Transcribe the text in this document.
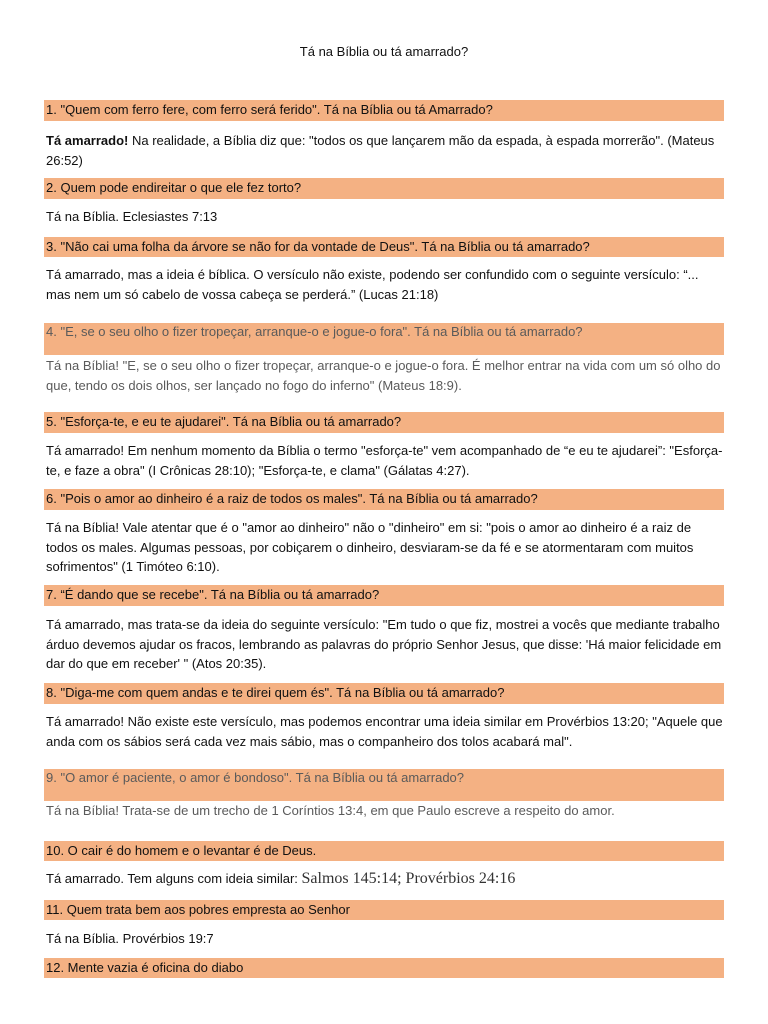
Tá na Bíblia ou tá amarrado?
1. "Quem com ferro fere, com ferro será ferido". Tá na Bíblia ou tá Amarrado?
Tá amarrado! Na realidade, a Bíblia diz que: "todos os que lançarem mão da espada, à espada morrerão". (Mateus 26:52)
2. Quem pode endireitar o que ele fez torto?
Tá na Bíblia. Eclesiastes 7:13
3. "Não cai uma folha da árvore se não for da vontade de Deus". Tá na Bíblia ou tá amarrado?
Tá amarrado, mas a ideia é bíblica. O versículo não existe, podendo ser confundido com o seguinte versículo: “... mas nem um só cabelo de vossa cabeça se perderá.” (Lucas 21:18)
4. "E, se o seu olho o fizer tropeçar, arranque-o e jogue-o fora". Tá na Bíblia ou tá amarrado?
Tá na Bíblia! "E, se o seu olho o fizer tropeçar, arranque-o e jogue-o fora. É melhor entrar na vida com um só olho do que, tendo os dois olhos, ser lançado no fogo do inferno" (Mateus 18:9).
5. "Esforça-te, e eu te ajudarei". Tá na Bíblia ou tá amarrado?
Tá amarrado! Em nenhum momento da Bíblia o termo "esforça-te" vem acompanhado de “e eu te ajudarei”: "Esforça-te, e faze a obra" (I Crônicas 28:10); "Esforça-te, e clama" (Gálatas 4:27).
6. "Pois o amor ao dinheiro é a raiz de todos os males". Tá na Bíblia ou tá amarrado?
Tá na Bíblia! Vale atentar que é o "amor ao dinheiro" não o "dinheiro" em si: "pois o amor ao dinheiro é a raiz de todos os males. Algumas pessoas, por cobiçarem o dinheiro, desviaram-se da fé e se atormentaram com muitos sofrimentos" (1 Timóteo 6:10).
7. “É dando que se recebe". Tá na Bíblia ou tá amarrado?
Tá amarrado, mas trata-se da ideia do seguinte versículo: "Em tudo o que fiz, mostrei a vocês que mediante trabalho árduo devemos ajudar os fracos, lembrando as palavras do próprio Senhor Jesus, que disse: 'Há maior felicidade em dar do que em receber' " (Atos 20:35).
8. "Diga-me com quem andas e te direi quem és". Tá na Bíblia ou tá amarrado?
Tá amarrado! Não existe este versículo, mas podemos encontrar uma ideia similar em Provérbios 13:20; "Aquele que anda com os sábios será cada vez mais sábio, mas o companheiro dos tolos acabará mal".
9. "O amor é paciente, o amor é bondoso". Tá na Bíblia ou tá amarrado?
Tá na Bíblia! Trata-se de um trecho de 1 Coríntios 13:4, em que Paulo escreve a respeito do amor.
10. O cair é do homem e o levantar é de Deus.
Tá amarrado. Tem alguns com ideia similar: Salmos 145:14; Provérbios 24:16
11. Quem trata bem aos pobres empresta ao Senhor
Tá na Bíblia. Provérbios 19:7
12. Mente vazia é oficina do diabo
